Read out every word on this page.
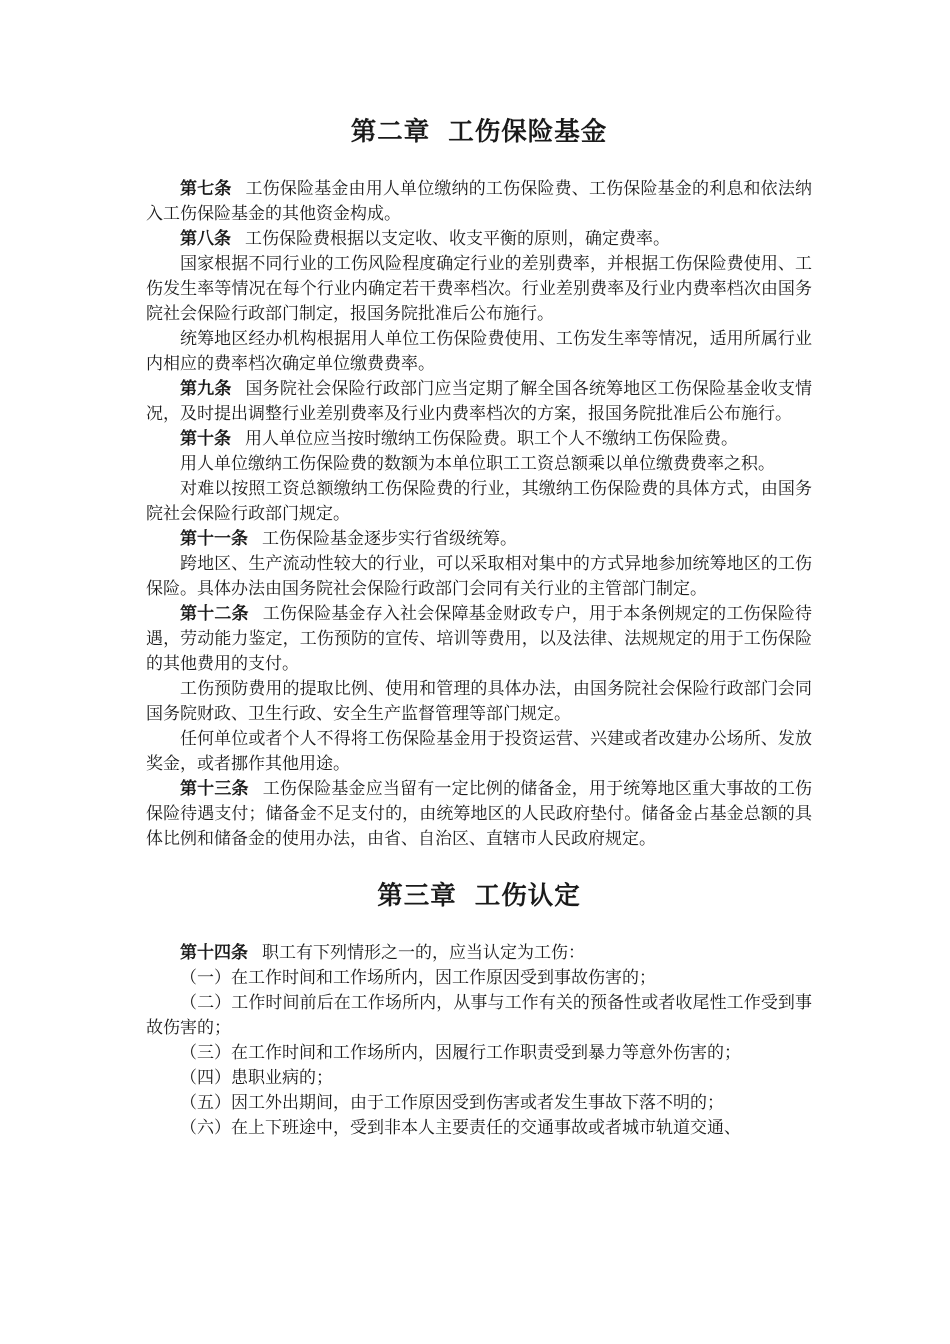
第二章 工伤保险基金

第七条 工伤保险基金由用人单位缴纳的工伤保险费、工伤保险基金的利息和依法纳入工伤保险基金的其他资金构成。

第八条 工伤保险费根据以支定收、收支平衡的原则，确定费率。

国家根据不同行业的工伤风险程度确定行业的差别费率，并根据工伤保险费使用、工伤发生率等情况在每个行业内确定若干费率档次。行业差别费率及行业内费率档次由国务院社会保险行政部门制定，报国务院批准后公布施行。

统筹地区经办机构根据用人单位工伤保险费使用、工伤发生率等情况，适用所属行业内相应的费率档次确定单位缴费费率。

第九条 国务院社会保险行政部门应当定期了解全国各统筹地区工伤保险基金收支情况，及时提出调整行业差别费率及行业内费率档次的方案，报国务院批准后公布施行。

第十条 用人单位应当按时缴纳工伤保险费。职工个人不缴纳工伤保险费。

用人单位缴纳工伤保险费的数额为本单位职工工资总额乘以单位缴费费率之积。

对难以按照工资总额缴纳工伤保险费的行业，其缴纳工伤保险费的具体方式，由国务院社会保险行政部门规定。

第十一条 工伤保险基金逐步实行省级统筹。

跨地区、生产流动性较大的行业，可以采取相对集中的方式异地参加统筹地区的工伤保险。具体办法由国务院社会保险行政部门会同有关行业的主管部门制定。

第十二条 工伤保险基金存入社会保障基金财政专户，用于本条例规定的工伤保险待遇，劳动能力鉴定，工伤预防的宣传、培训等费用，以及法律、法规规定的用于工伤保险的其他费用的支付。

工伤预防费用的提取比例、使用和管理的具体办法，由国务院社会保险行政部门会同国务院财政、卫生行政、安全生产监督管理等部门规定。

任何单位或者个人不得将工伤保险基金用于投资运营、兴建或者改建办公场所、发放奖金，或者挪作其他用途。

第十三条 工伤保险基金应当留有一定比例的储备金，用于统筹地区重大事故的工伤保险待遇支付；储备金不足支付的，由统筹地区的人民政府垫付。储备金占基金总额的具体比例和储备金的使用办法，由省、自治区、直辖市人民政府规定。

第三章 工伤认定

第十四条 职工有下列情形之一的，应当认定为工伤：

（一）在工作时间和工作场所内，因工作原因受到事故伤害的；

（二）工作时间前后在工作场所内，从事与工作有关的预备性或者收尾性工作受到事故伤害的；

（三）在工作时间和工作场所内，因履行工作职责受到暴力等意外伤害的；

（四）患职业病的；

（五）因工外出期间，由于工作原因受到伤害或者发生事故下落不明的；

（六）在上下班途中，受到非本人主要责任的交通事故或者城市轨道交通、
